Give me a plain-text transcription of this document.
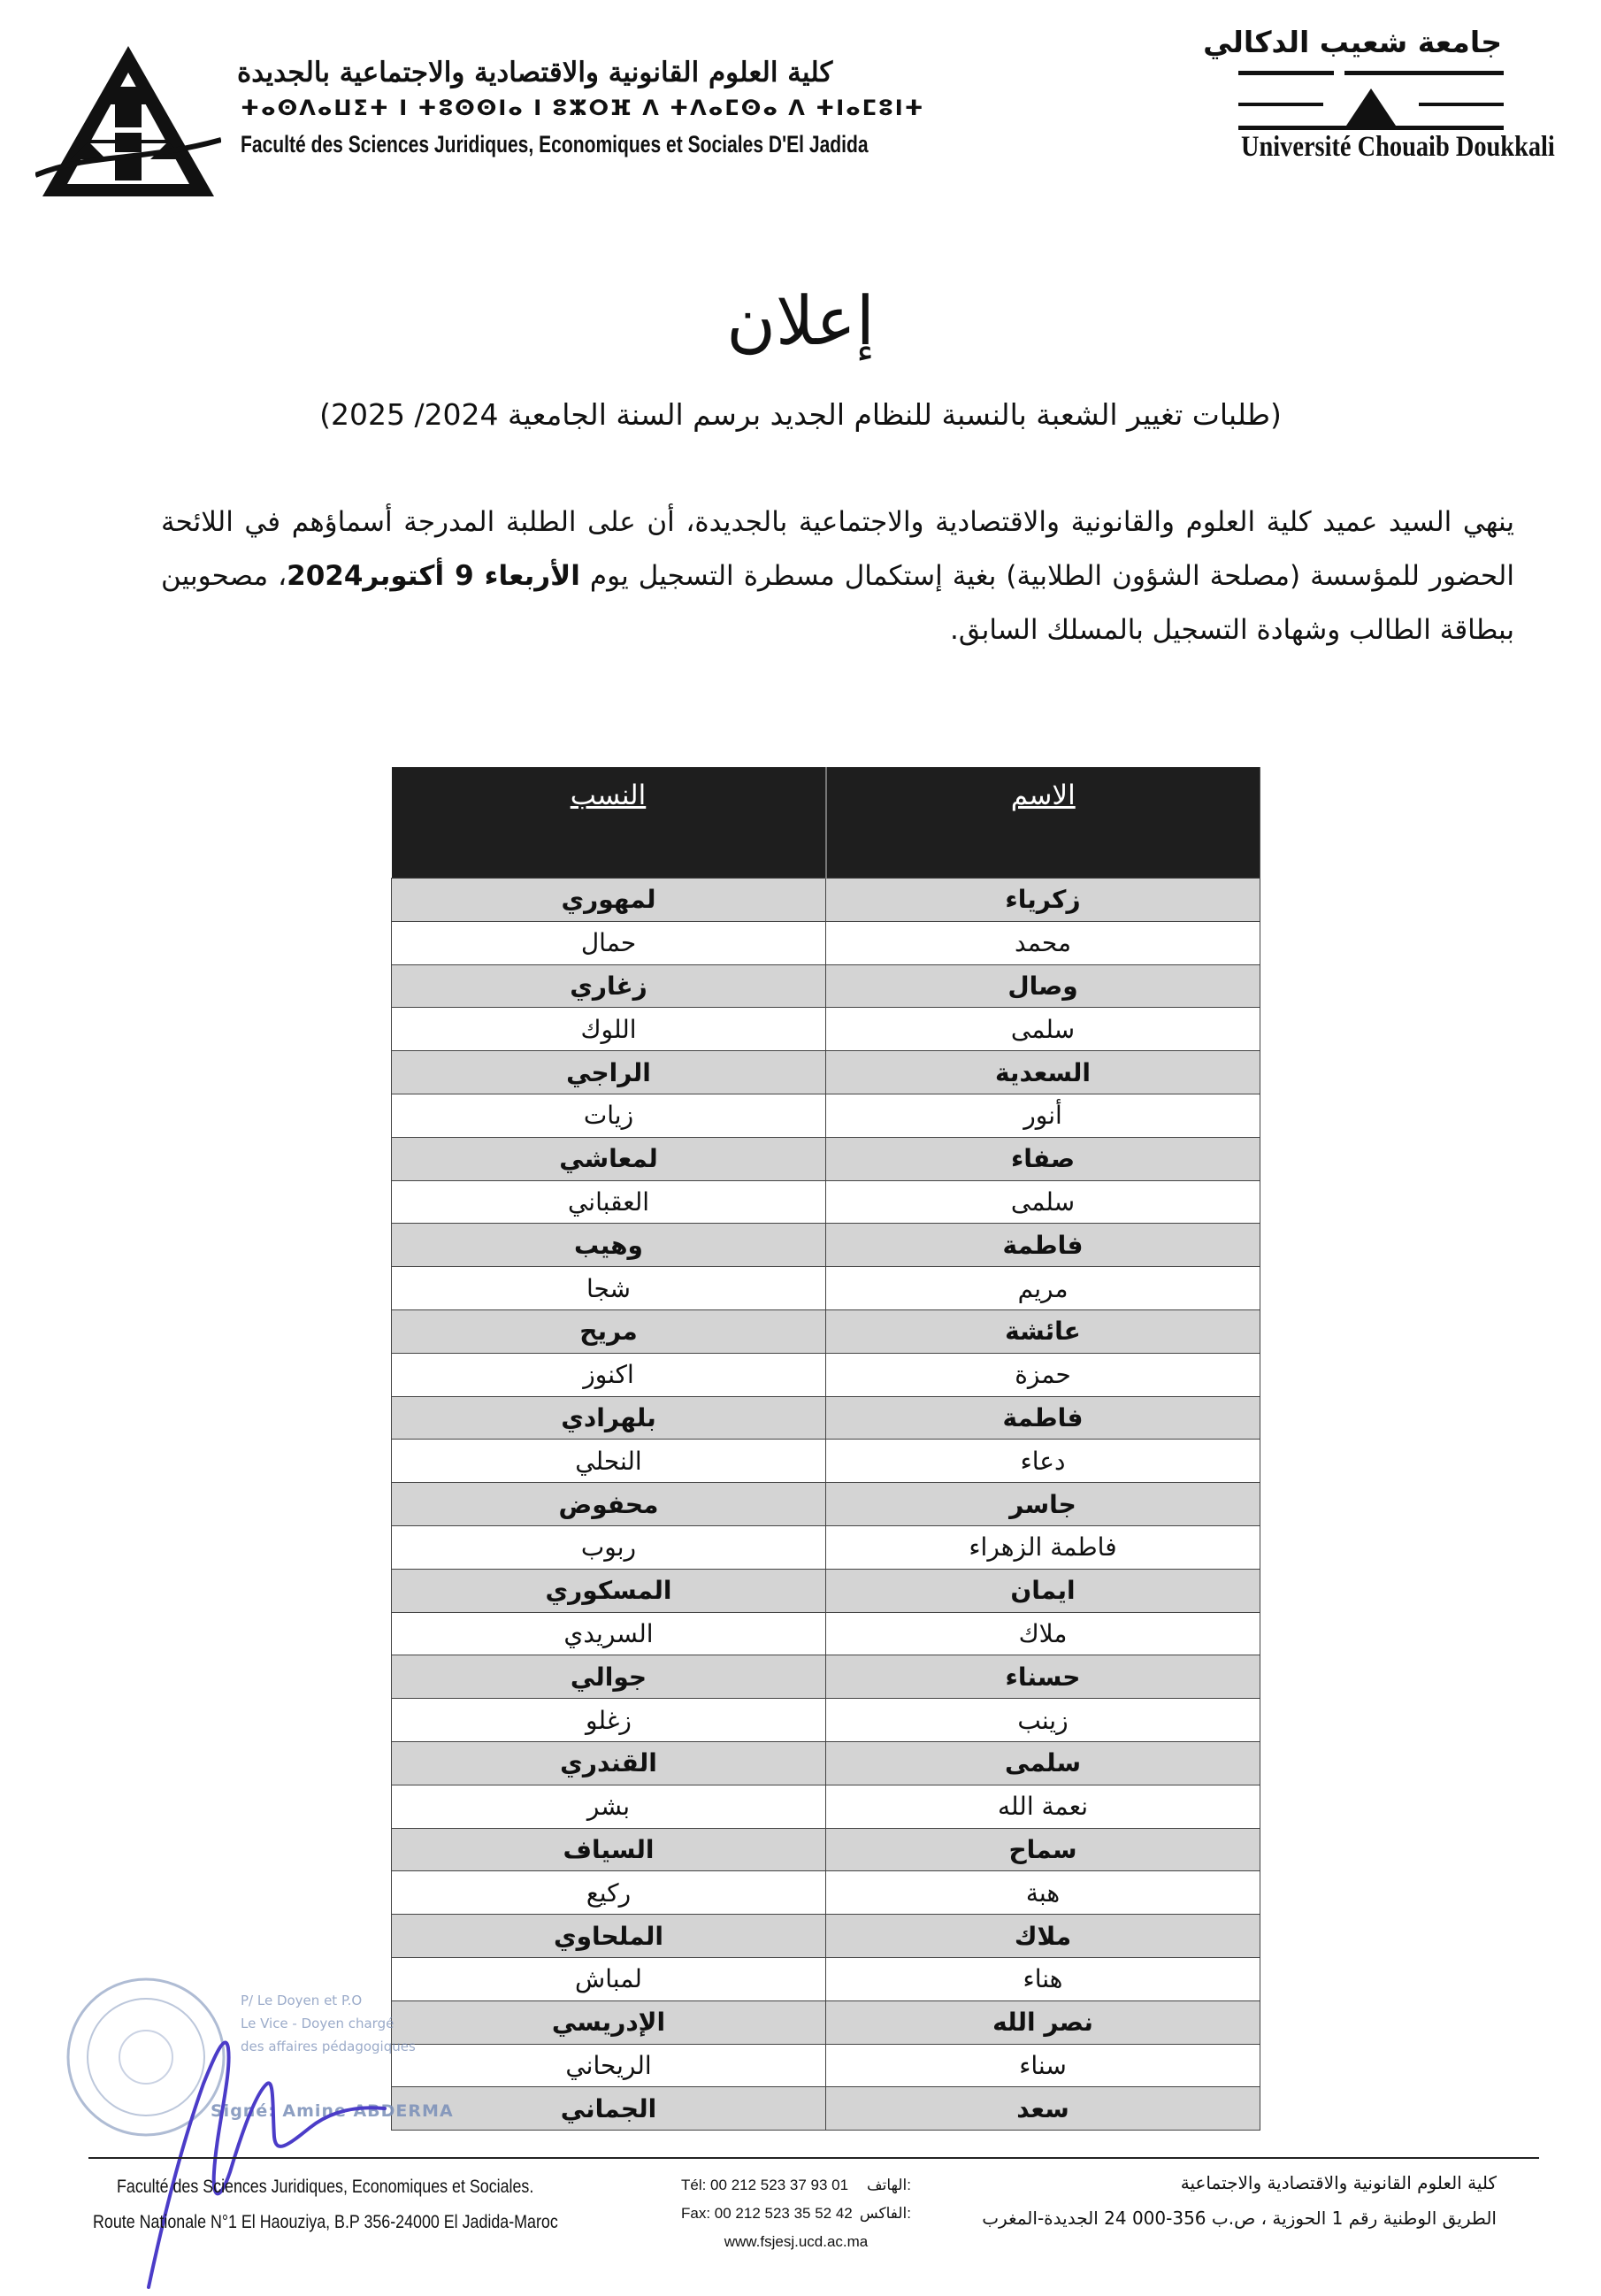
كلية العلوم القانونية والاقتصادية والاجتماعية بالجديدة
ⵜⴰⵙⴷⴰⵡⵉⵜ ⵏ ⵜⵓⵙⵙⵏⴰ ⵏ ⵓⵣⵔⴼ ⴷ ⵜⴷⴰⵎⵙⴰ ⴷ ⵜⵏⴰⵎⵓⵏⵜ
Faculté des Sciences Juridiques, Economiques et Sociales D'El Jadida
جامعة شعيب الدكالي
Université Chouaib Doukkali
إعلان
(طلبات تغيير الشعبة بالنسبة للنظام الجديد برسم السنة الجامعية 2024/ 2025)
ينهي السيد عميد كلية العلوم والقانونية والاقتصادية والاجتماعية بالجديدة، أن على الطلبة المدرجة أسماؤهم في اللائحة الحضور للمؤسسة (مصلحة الشؤون الطلابية) بغية إستكمال مسطرة التسجيل يوم الأربعاء 9 أكتوبر2024، مصحوبين ببطاقة الطالب وشهادة التسجيل بالمسلك السابق.
الاسم	النسب
زكرياء	لمهوري
محمد	حمال
وصال	زغاري
سلمى	اللوك
السعدية	الراجي
أنور	زيات
صفاء	لمعاشي
سلمى	العقباني
فاطمة	وهيب
مريم	شجا
عائشة	مريح
حمزة	اكنوز
فاطمة	بلهرادي
دعاء	النحلي
جاسر	محفوض
فاطمة الزهراء	ربوب
ايمان	المسكوري
ملاك	السريدي
حسناء	جوالي
زينب	زغلو
سلمى	القندري
نعمة الله	بشر
سماح	السياف
هبة	ركيع
ملاك	الملحاوي
هناء	لمباش
نصر الله	الإدريسي
سناء	الريحاني
سعد	الجماني
P/ Le Doyen et P.O
Le Vice - Doyen chargé
des affaires pédagogiques
Signé: Amine ABDERMA
Faculté des Sciences Juridiques, Economiques et Sociales.
Route Nationale N°1 El Haouziya, B.P 356-24000 El Jadida-Maroc
Tél: 00 212 523 37 93 01 الهاتف:
Fax: 00 212 523 35 52 42 الفاكس:
www.fsjesj.ucd.ac.ma
كلية العلوم القانونية والاقتصادية والاجتماعية
الطريق الوطنية رقم 1 الحوزية ، ص.ب 356-000 24 الجديدة-المغرب
